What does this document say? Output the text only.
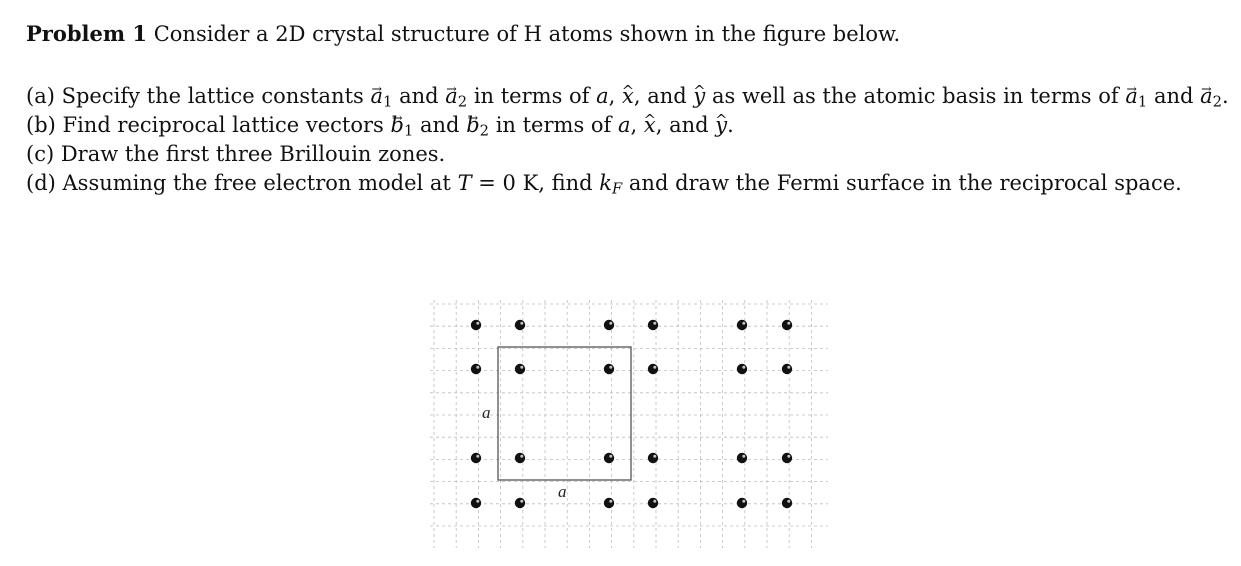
Problem 1 Consider a 2D crystal structure of H atoms shown in the figure below.
(a) Specify the lattice constants → $a_1$ and → $a_2$ in terms of a, ^ x, and ^ y as well as the atomic basis in terms of → $a_1$ and → $a_2$.
(b) Find reciprocal lattice vectors → $b_1$ and → $b_2$ in terms of a, ^ x, and ^ y.
(c) Draw the first three Brillouin zones.
(d) Assuming the free electron model at T = 0 K, find $k_F$ and draw the Fermi surface in the reciprocal space.
a
a
